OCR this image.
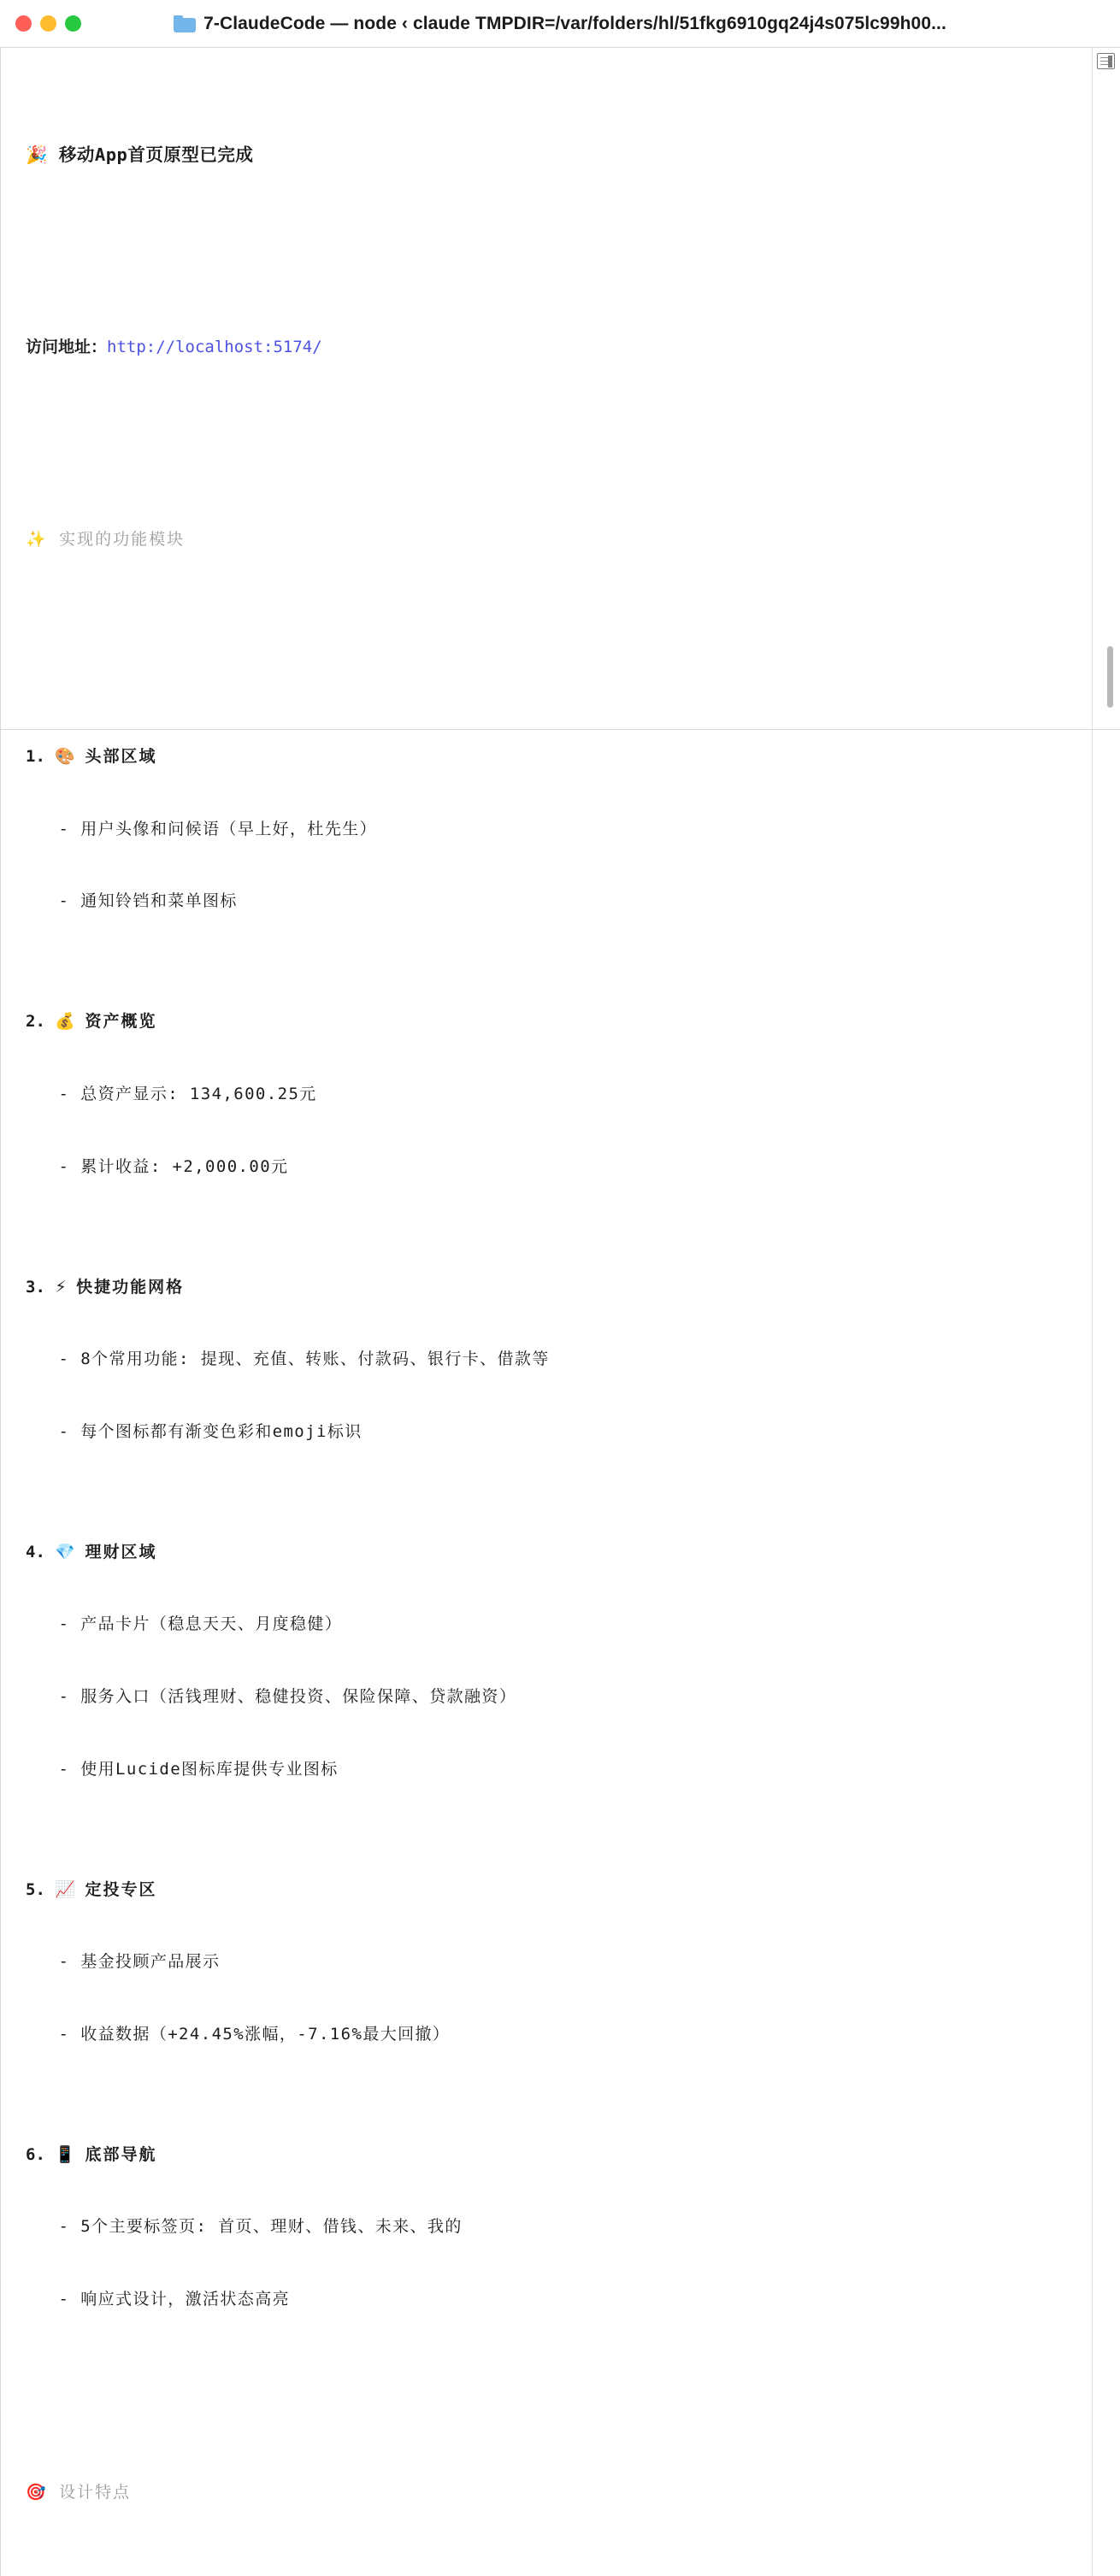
7-ClaudeCode — node ‹ claude TMPDIR=/var/folders/hl/51fkg6910gq24j4s075lc99h00...

🎉 移动App首页原型已完成

访问地址：http://localhost:5174/

✨ 实现的功能模块

1. 🎨 头部区域

- 用户头像和问候语（早上好，杜先生）

- 通知铃铛和菜单图标

2. 💰 资产概览

- 总资产显示: 134,600.25元

- 累计收益: +2,000.00元

3. ⚡ 快捷功能网格

- 8个常用功能: 提现、充值、转账、付款码、银行卡、借款等

- 每个图标都有渐变色彩和emoji标识

4. 💎 理财区域

- 产品卡片（稳息天天、月度稳健）

- 服务入口（活钱理财、稳健投资、保险保障、贷款融资）

- 使用Lucide图标库提供专业图标

5. 📈 定投专区

- 基金投顾产品展示

- 收益数据（+24.45%涨幅，-7.16%最大回撤）

6. 📱 底部导航

- 5个主要标签页: 首页、理财、借钱、未来、我的

- 响应式设计，激活状态高亮

🎯 设计特点
